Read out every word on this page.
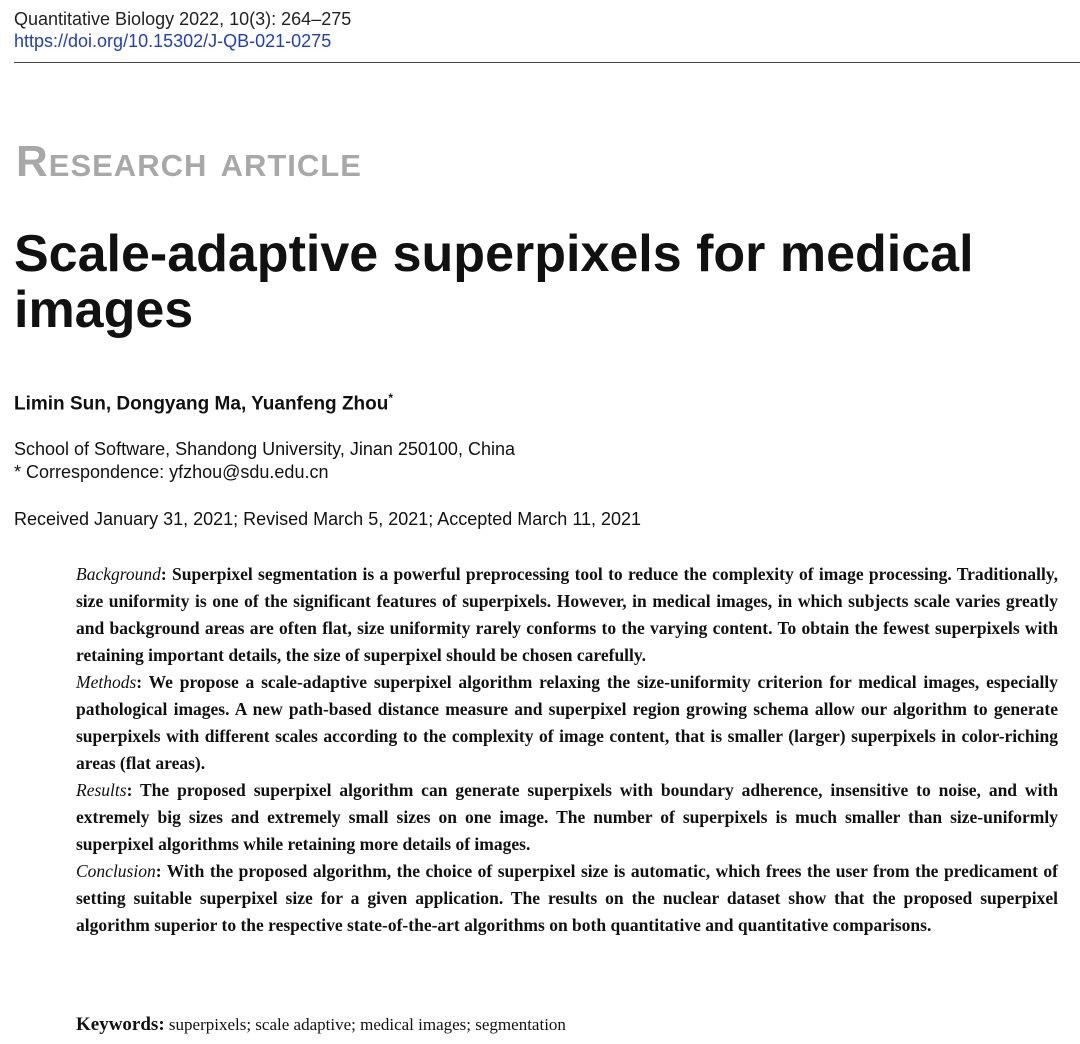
Quantitative Biology 2022, 10(3): 264–275
https://doi.org/10.15302/J-QB-021-0275
Research article
Scale-adaptive superpixels for medical images
Limin Sun, Dongyang Ma, Yuanfeng Zhou*
School of Software, Shandong University, Jinan 250100, China
* Correspondence: yfzhou@sdu.edu.cn
Received January 31, 2021; Revised March 5, 2021; Accepted March 11, 2021

Background: Superpixel segmentation is a powerful preprocessing tool to reduce the complexity of image processing. Traditionally, size uniformity is one of the significant features of superpixels. However, in medical images, in which subjects scale varies greatly and background areas are often flat, size uniformity rarely conforms to the varying content. To obtain the fewest superpixels with retaining important details, the size of superpixel should be chosen carefully.

Methods: We propose a scale-adaptive superpixel algorithm relaxing the size-uniformity criterion for medical images, especially pathological images. A new path-based distance measure and superpixel region growing schema allow our algorithm to generate superpixels with different scales according to the complexity of image content, that is smaller (larger) superpixels in color-riching areas (flat areas).

Results: The proposed superpixel algorithm can generate superpixels with boundary adherence, insensitive to noise, and with extremely big sizes and extremely small sizes on one image. The number of superpixels is much smaller than size-uniformly superpixel algorithms while retaining more details of images.

Conclusion: With the proposed algorithm, the choice of superpixel size is automatic, which frees the user from the predicament of setting suitable superpixel size for a given application. The results on the nuclear dataset show that the proposed superpixel algorithm superior to the respective state-of-the-art algorithms on both quantitative and quantitative comparisons.

Keywords: superpixels; scale adaptive; medical images; segmentation
